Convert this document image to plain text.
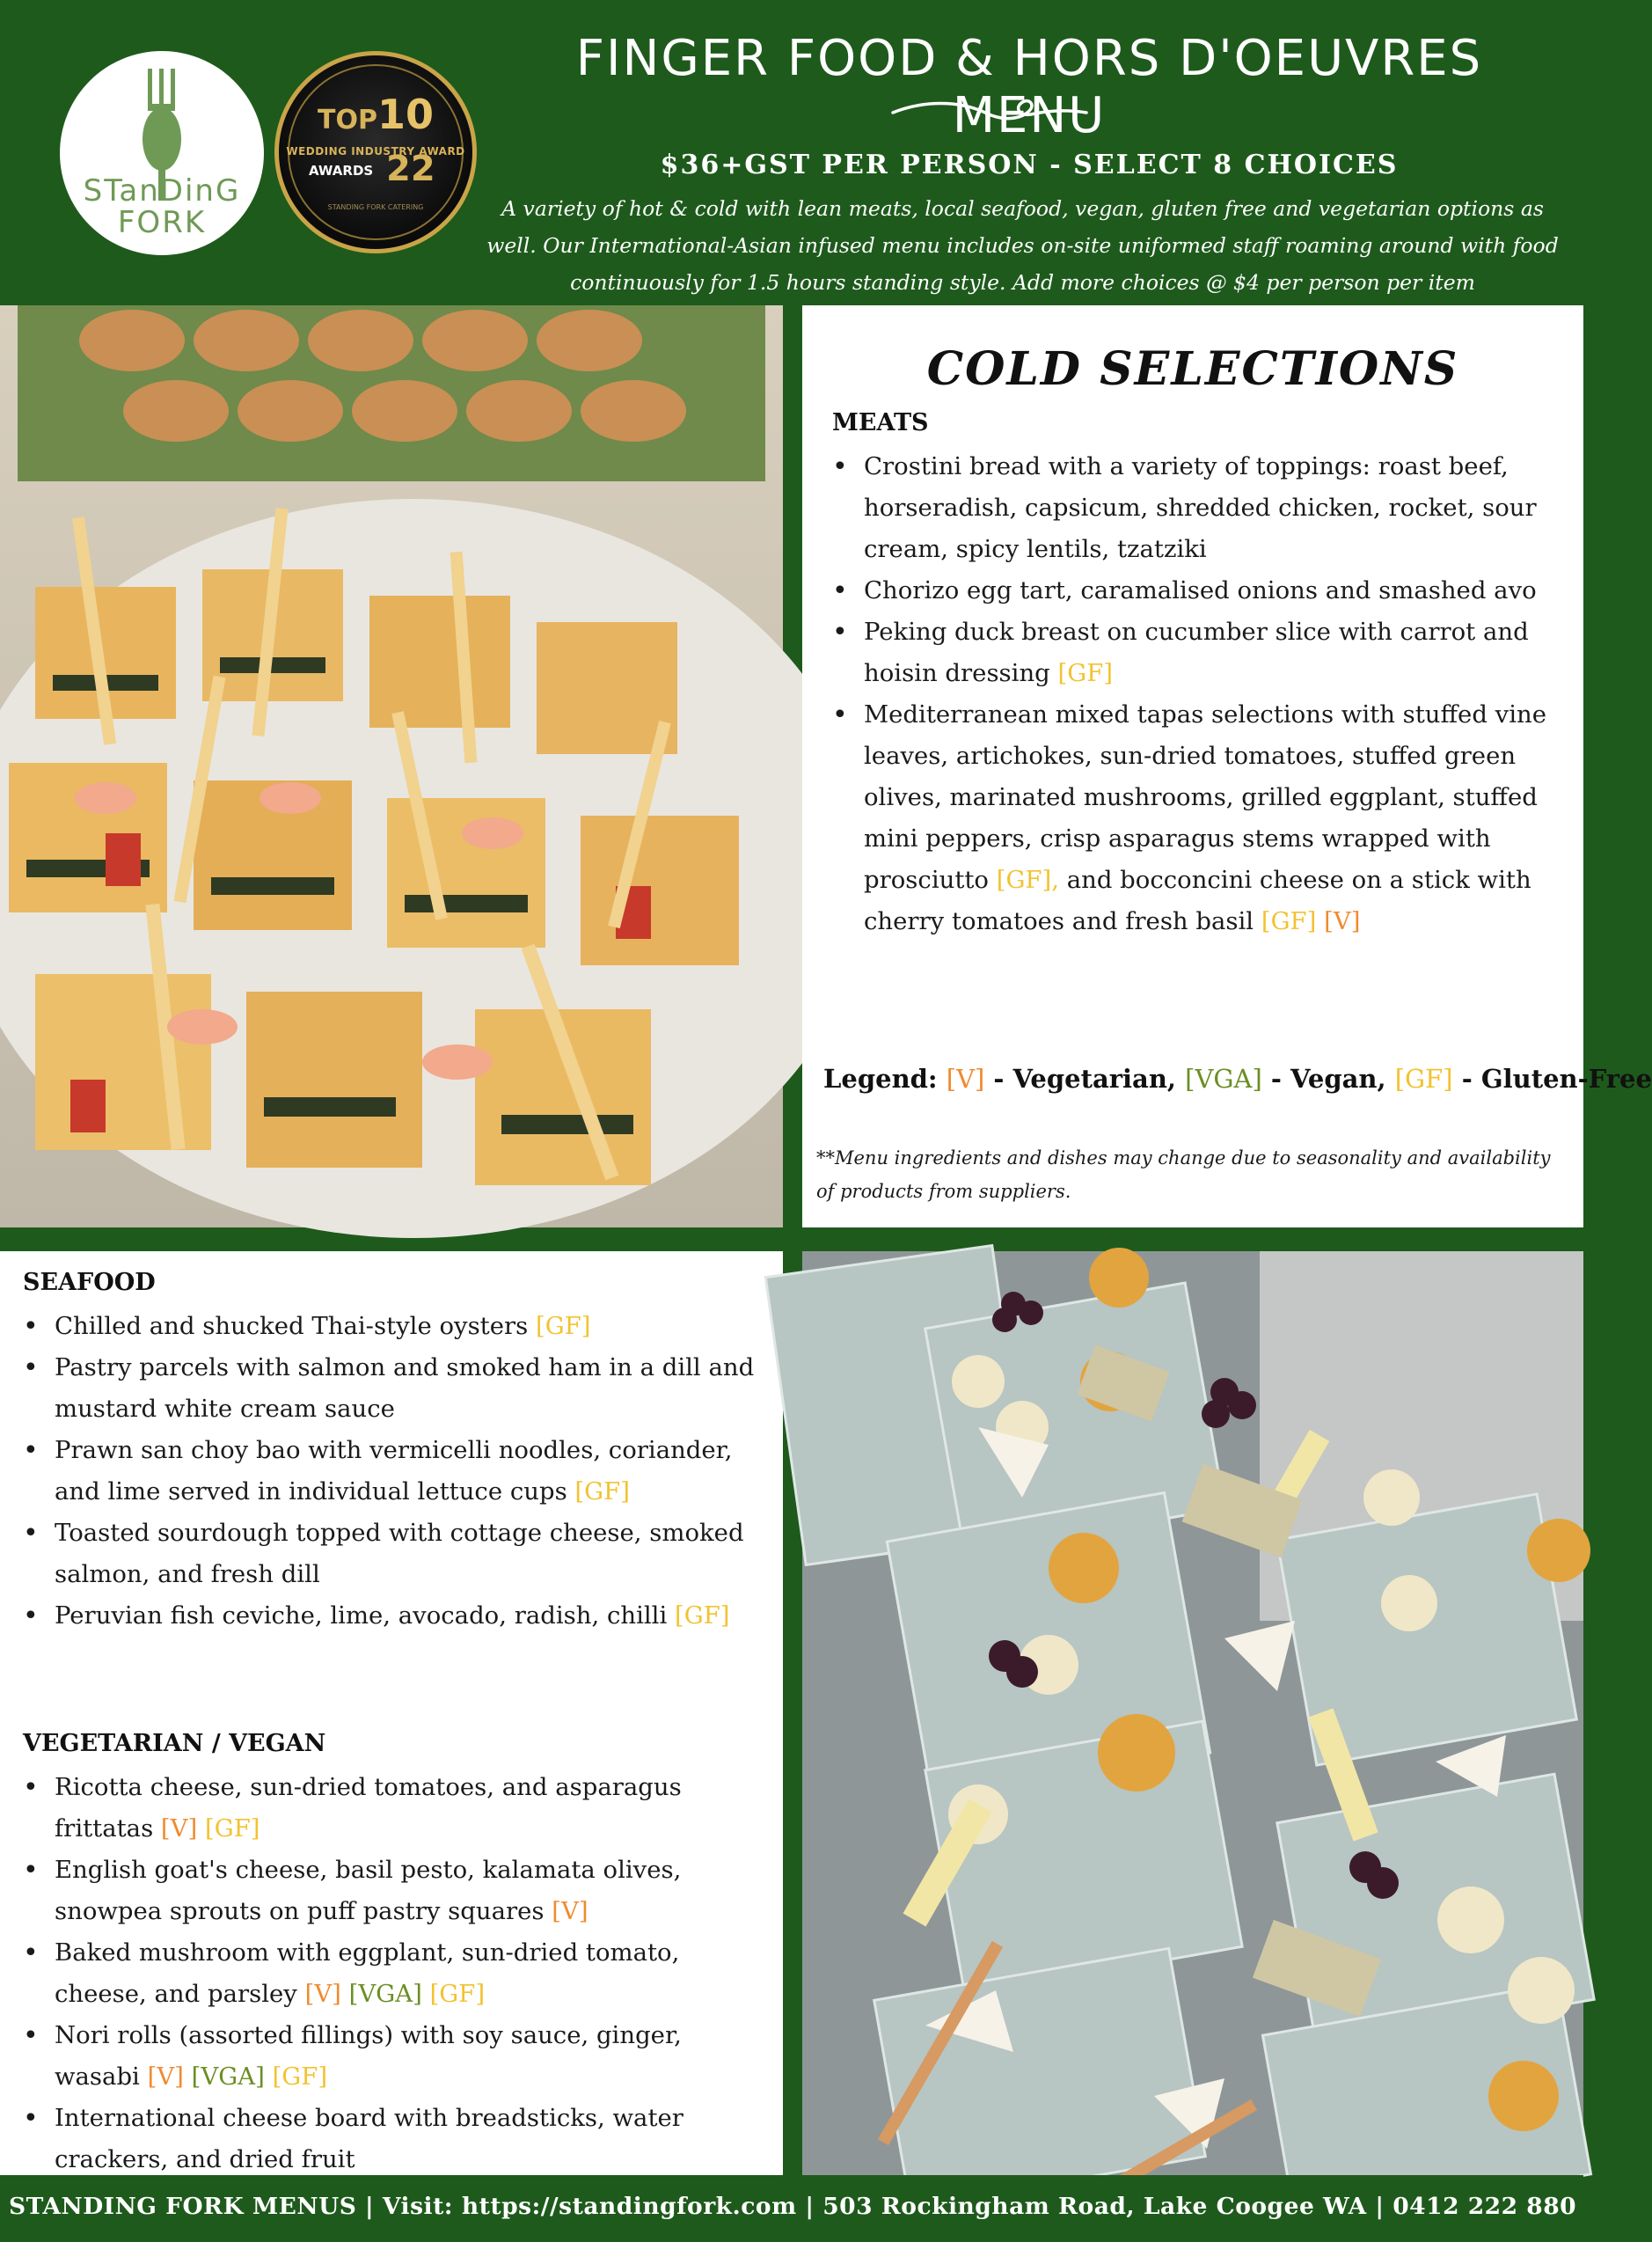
STanDinG
FORK
TOP10
WEDDING INDUSTRY AWARD
AWARDS 22
STANDING FORK CATERING
FINGER FOOD & HORS D'OEUVRES MENU
$36+GST PER PERSON - SELECT 8 CHOICES
A variety of hot & cold with lean meats, local seafood, vegan, gluten free and vegetarian options as well. Our International-Asian infused menu includes on-site uniformed staff roaming around with food continuously for 1.5 hours standing style. Add more choices @ $4 per person per item
COLD SELECTIONS
MEATS
• Crostini bread with a variety of toppings: roast beef, horseradish, capsicum, shredded chicken, rocket, sour cream, spicy lentils, tzatziki
• Chorizo egg tart, caramalised onions and smashed avo
• Peking duck breast on cucumber slice with carrot and hoisin dressing [GF]
• Mediterranean mixed tapas selections with stuffed vine leaves, artichokes, sun-dried tomatoes, stuffed green olives, marinated mushrooms, grilled eggplant, stuffed mini peppers, crisp asparagus stems wrapped with prosciutto [GF], and bocconcini cheese on a stick with cherry tomatoes and fresh basil [GF] [V]
Legend: [V] - Vegetarian, [VGA] - Vegan, [GF] - Gluten-Free
**Menu ingredients and dishes may change due to seasonality and availability of products from suppliers.
SEAFOOD
• Chilled and shucked Thai-style oysters [GF]
• Pastry parcels with salmon and smoked ham in a dill and mustard white cream sauce
• Prawn san choy bao with vermicelli noodles, coriander, and lime served in individual lettuce cups [GF]
• Toasted sourdough topped with cottage cheese, smoked salmon, and fresh dill
• Peruvian fish ceviche, lime, avocado, radish, chilli [GF]
VEGETARIAN / VEGAN
• Ricotta cheese, sun-dried tomatoes, and asparagus frittatas [V] [GF]
• English goat's cheese, basil pesto, kalamata olives, snowpea sprouts on puff pastry squares [V]
• Baked mushroom with eggplant, sun-dried tomato, cheese, and parsley [V] [VGA] [GF]
• Nori rolls (assorted fillings) with soy sauce, ginger, wasabi [V] [VGA] [GF]
• International cheese board with breadsticks, water crackers, and dried fruit
STANDING FORK MENUS | Visit: https://standingfork.com | 503 Rockingham Road, Lake Coogee WA | 0412 222 880
